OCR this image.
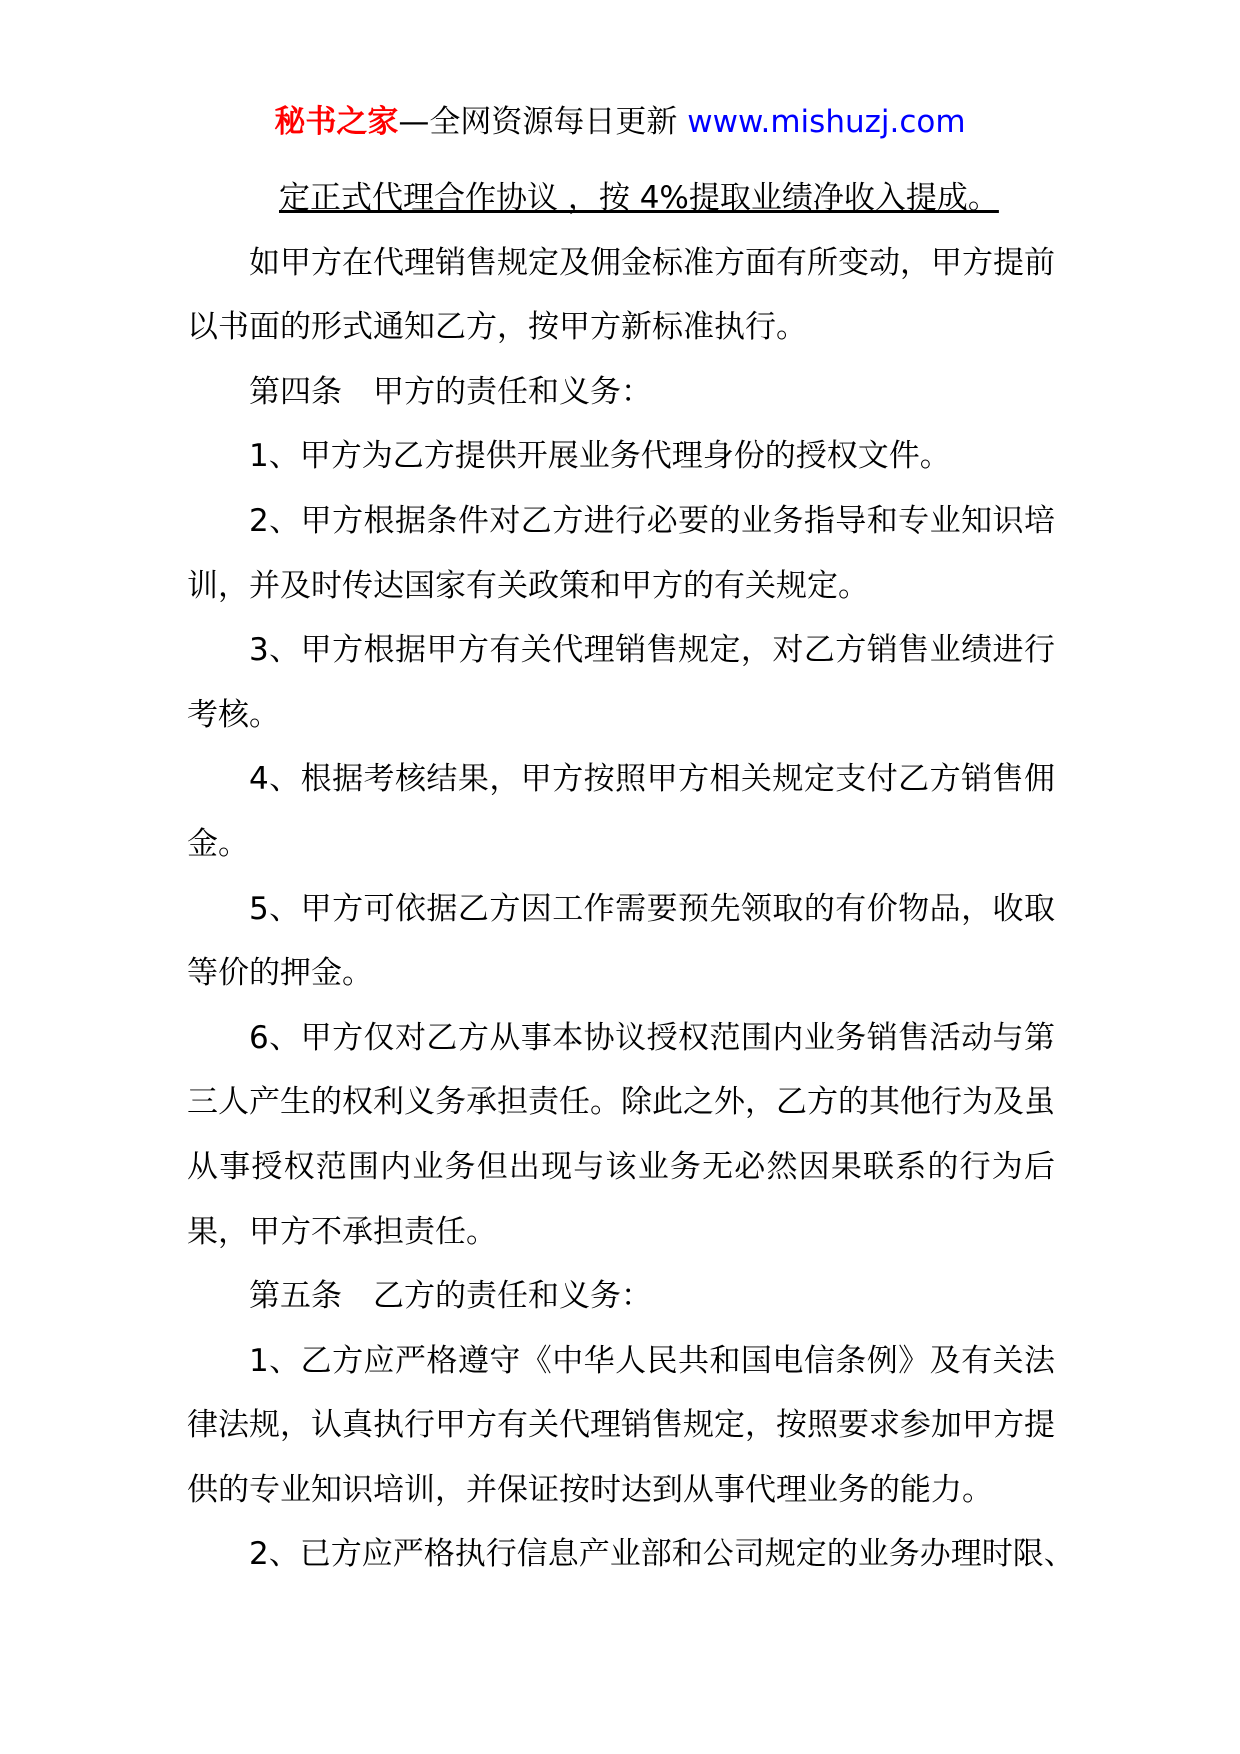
秘书之家—全网资源每日更新 www.mishuzj.com

定正式代理合作协议 ，按 4%提取业绩净收入提成。

如甲方在代理销售规定及佣金标准方面有所变动，甲方提前以书面的形式通知乙方，按甲方新标准执行。

第四条　甲方的责任和义务：

1、甲方为乙方提供开展业务代理身份的授权文件。

2、甲方根据条件对乙方进行必要的业务指导和专业知识培训，并及时传达国家有关政策和甲方的有关规定。

3、甲方根据甲方有关代理销售规定，对乙方销售业绩进行考核。

4、根据考核结果，甲方按照甲方相关规定支付乙方销售佣金。

5、甲方可依据乙方因工作需要预先领取的有价物品，收取等价的押金。

6、甲方仅对乙方从事本协议授权范围内业务销售活动与第三人产生的权利义务承担责任。除此之外，乙方的其他行为及虽从事授权范围内业务但出现与该业务无必然因果联系的行为后果，甲方不承担责任。

第五条　乙方的责任和义务：

1、乙方应严格遵守《中华人民共和国电信条例》及有关法律法规，认真执行甲方有关代理销售规定，按照要求参加甲方提供的专业知识培训，并保证按时达到从事代理业务的能力。

2、已方应严格执行信息产业部和公司规定的业务办理时限、
